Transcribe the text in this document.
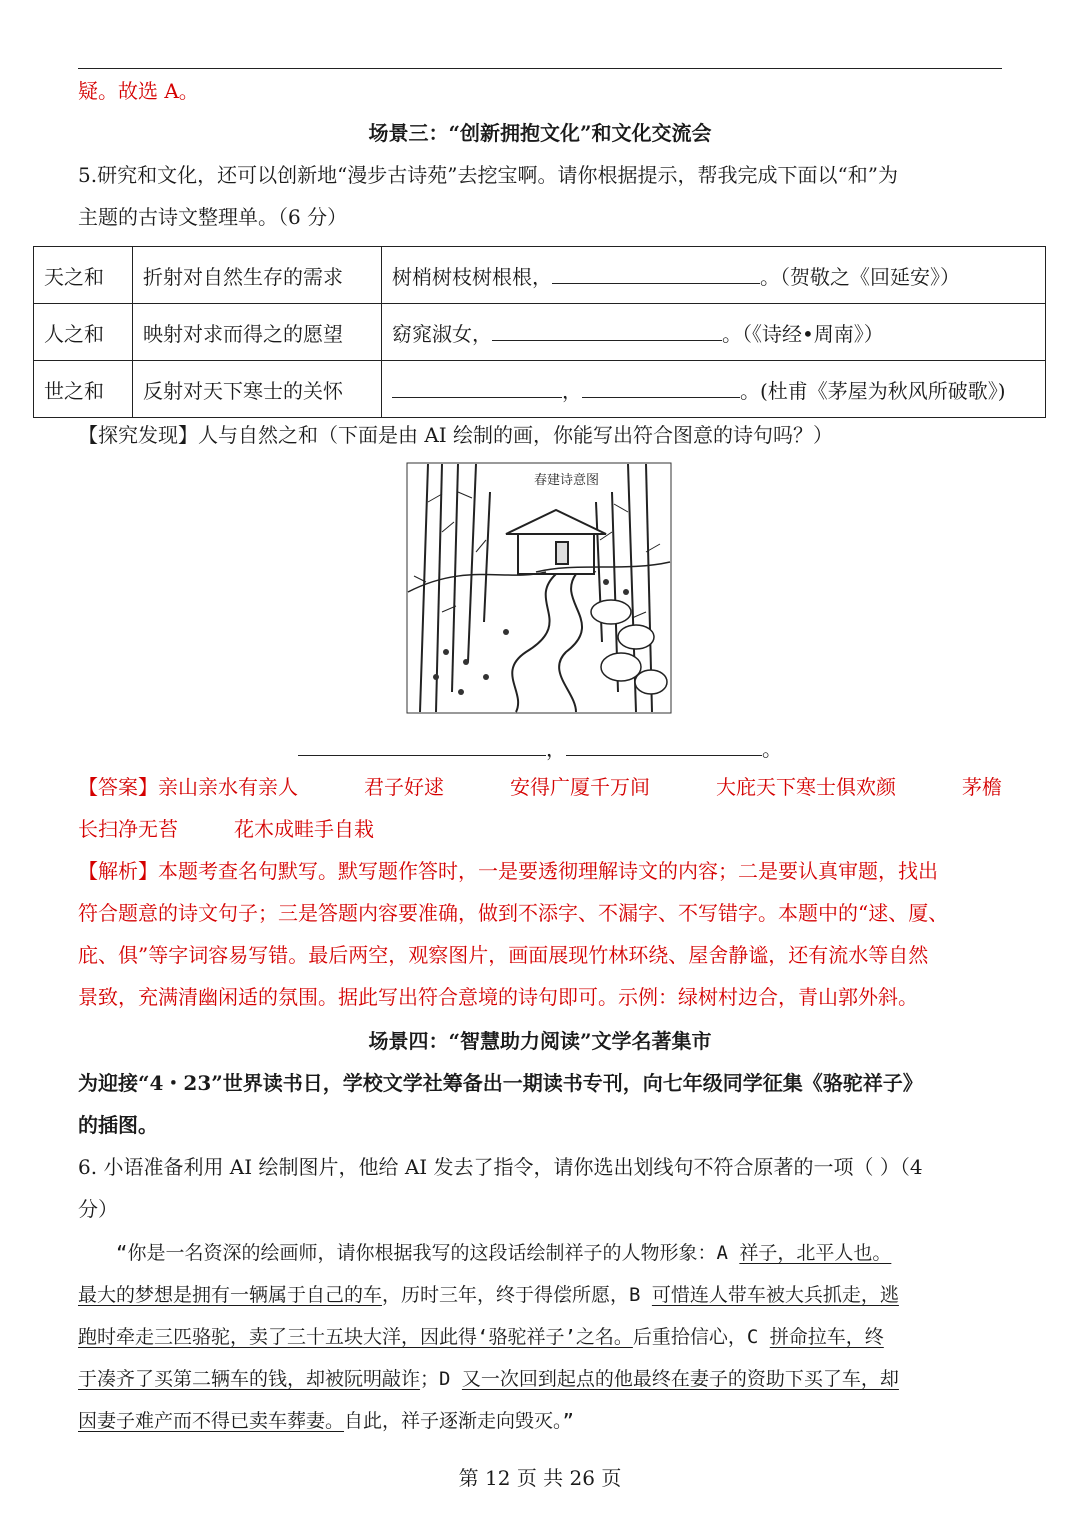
疑。故选 A。
场景三：“创新拥抱文化”和文化交流会
5.研究和文化，还可以创新地“漫步古诗苑”去挖宝啊。请你根据提示，帮我完成下面以“和”为
主题的古诗文整理单。（6 分）
天之和	折射对自然生存的需求	树梢树枝树根根， 。（贺敬之《回延安》）
人之和	映射对求而得之的愿望	窈窕淑女， 。（《诗经•周南》）
世之和	反射对天下寒士的关怀	， 。(杜甫《茅屋为秋风所破歌》)
【探究发现】人与自然之和（下面是由 AI 绘制的画，你能写出符合图意的诗句吗？）
春建诗意图
，	。
【答案】亲山亲水有亲人	君子好逑	安得广厦千万间	大庇天下寒士俱欢颜	茅檐
长扫净无苔	花木成畦手自栽
【解析】本题考查名句默写。默写题作答时，一是要透彻理解诗文的内容；二是要认真审题，找出
符合题意的诗文句子；三是答题内容要准确，做到不添字、不漏字、不写错字。本题中的“逑、厦、
庇、俱”等字词容易写错。最后两空，观察图片，画面展现竹林环绕、屋舍静谧，还有流水等自然
景致，充满清幽闲适的氛围。据此写出符合意境的诗句即可。示例：绿树村边合，青山郭外斜。
场景四：“智慧助力阅读”文学名著集市
为迎接“4・23”世界读书日，学校文学社筹备出一期读书专刊，向七年级同学征集《骆驼祥子》
的插图。
6. 小语准备利用 AI 绘制图片，他给 AI 发去了指令，请你选出划线句不符合原著的一项（ ）（4
分）
“你是一名资深的绘画师，请你根据我写的这段话绘制祥子的人物形象：A 祥子，北平人也。
最大的梦想是拥有一辆属于自己的车，历时三年，终于得偿所愿，B 可惜连人带车被大兵抓走，逃
跑时牵走三匹骆驼，卖了三十五块大洋，因此得‘骆驼祥子’之名。后重拾信心，C 拼命拉车，终
于凑齐了买第二辆车的钱，却被阮明敲诈；D 又一次回到起点的他最终在妻子的资助下买了车，却
因妻子难产而不得已卖车葬妻。自此，祥子逐渐走向毁灭。”
第 12 页 共 26 页
